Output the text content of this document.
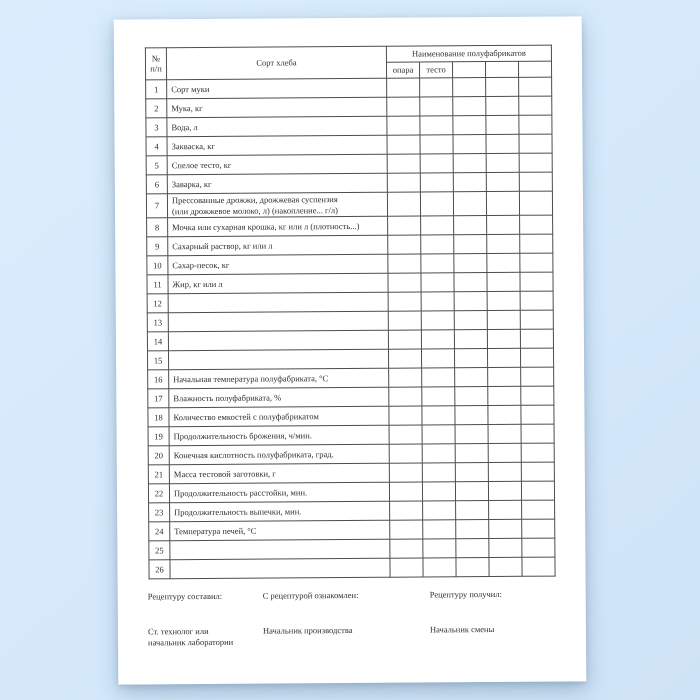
№
п/п	Сорт хлеба	Наименование полуфабрикатов				
		опара	тесто			
1	Сорт муки					
2	Мука, кг					
3	Вода, л					
4	Закваска, кг					
5	Спелое тесто, кг					
6	Заварка, кг					
7	Прессованные дрожжи, дрожжевая суспензия
(или дрожжевое молоко, л) (накопление... г/л)					
8	Мочка или сухарная крошка, кг или л (плотность...)					
9	Сахарный раствор, кг или л					
10	Сахар-песок, кг					
11	Жир, кг или л					
12						
13						
14						
15						
16	Начальная температура полуфабриката, °С					
17	Влажность полуфабриката, %					
18	Количество емкостей с полуфабрикатом					
19	Продолжительность брожения, ч/мин.					
20	Конечная кислотность полуфабриката, град.					
21	Масса тестовой заготовки, г					
22	Продолжительность расстойки, мин.					
23	Продолжительность выпечки, мин.					
24	Температура печей, °С					
25						
26						
Рецептуру составил:
Ст. технолог или
начальник лаборатории
С рецептурой ознакомлен:
Начальник производства
Рецептуру получил:
Начальник смены
